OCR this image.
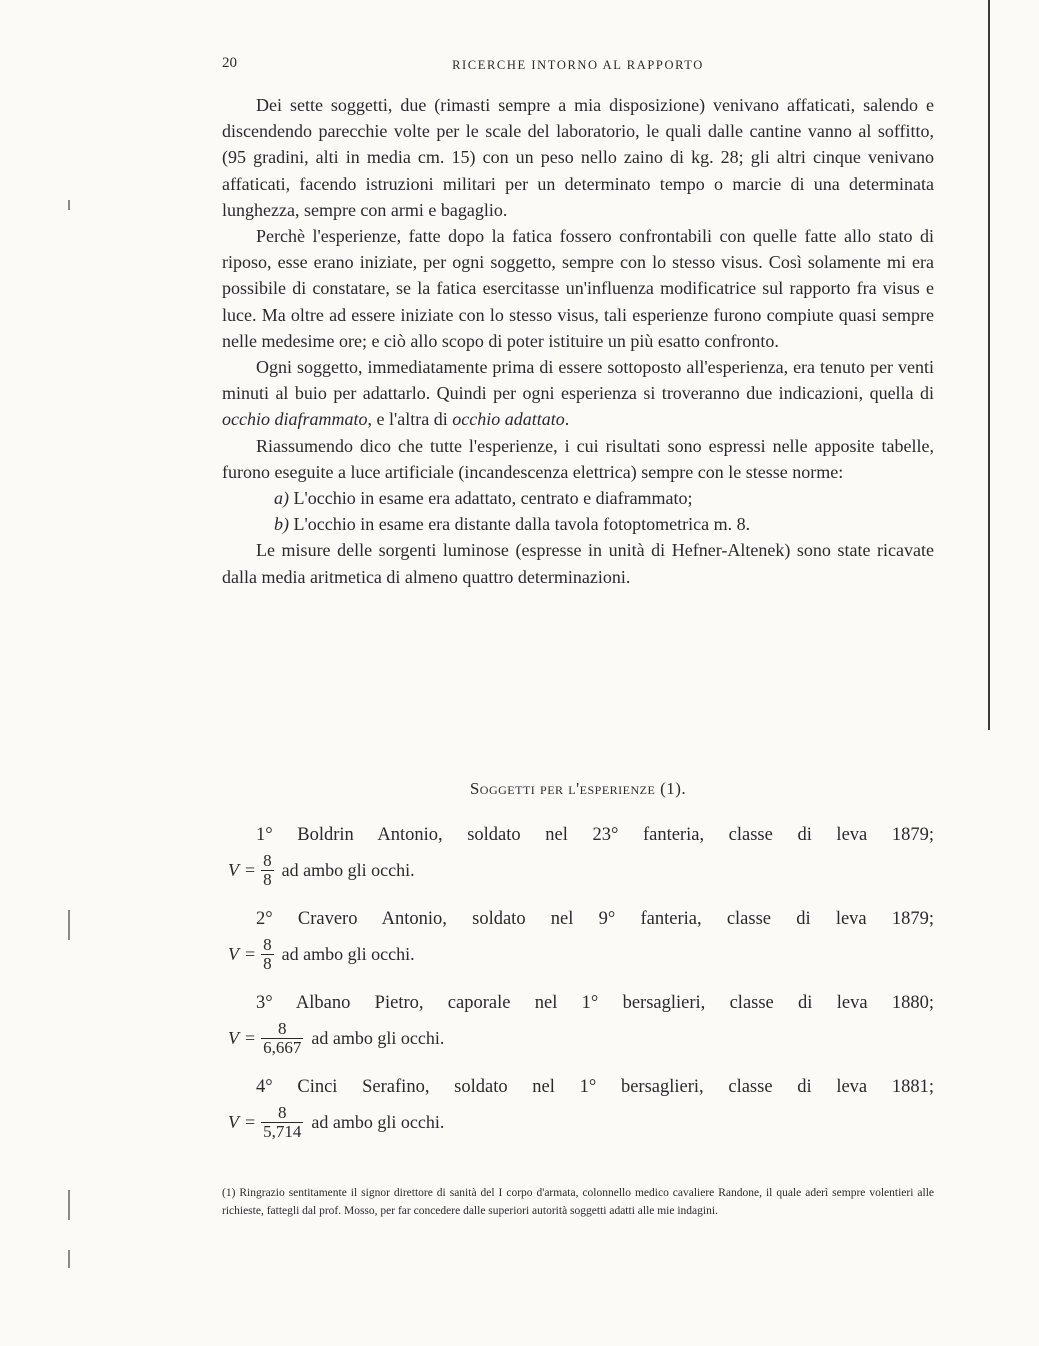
20	RICERCHE INTORNO AL RAPPORTO

Dei sette soggetti, due (rimasti sempre a mia disposizione) venivano affaticati, salendo e discendendo parecchie volte per le scale del laboratorio, le quali dalle cantine vanno al soffitto, (95 gradini, alti in media cm. 15) con un peso nello zaino di kg. 28; gli altri cinque venivano affaticati, facendo istruzioni militari per un determinato tempo o marcie di una determinata lunghezza, sempre con armi e bagaglio.

Perchè l'esperienze, fatte dopo la fatica fossero confrontabili con quelle fatte allo stato di riposo, esse erano iniziate, per ogni soggetto, sempre con lo stesso visus. Così solamente mi era possibile di constatare, se la fatica esercitasse un'influenza modificatrice sul rapporto fra visus e luce. Ma oltre ad essere iniziate con lo stesso visus, tali esperienze furono compiute quasi sempre nelle medesime ore; e ciò allo scopo di poter istituire un più esatto confronto.

Ogni soggetto, immediatamente prima di essere sottoposto all'esperienza, era tenuto per venti minuti al buio per adattarlo. Quindi per ogni esperienza si troveranno due indicazioni, quella di occhio diaframmato, e l'altra di occhio adattato.

Riassumendo dico che tutte l'esperienze, i cui risultati sono espressi nelle apposite tabelle, furono eseguite a luce artificiale (incandescenza elettrica) sempre con le stesse norme:

a) L'occhio in esame era adattato, centrato e diaframmato;

b) L'occhio in esame era distante dalla tavola fotoptometrica m. 8.

Le misure delle sorgenti luminose (espresse in unità di Hefner-Altenek) sono state ricavate dalla media aritmetica di almeno quattro determinazioni.

Soggetti per l'esperienze (1).
1° Boldrin Antonio, soldato nel 23° fanteria, classe di leva 1879;
$V = \frac{8}{8}$ ad ambo gli occhi.
2° Cravero Antonio, soldato nel 9° fanteria, classe di leva 1879;
$V = \frac{8}{8}$ ad ambo gli occhi.
3° Albano Pietro, caporale nel 1° bersaglieri, classe di leva 1880;
$V = \frac{8}{6,667}$ ad ambo gli occhi.
4° Cinci Serafino, soldato nel 1° bersaglieri, classe di leva 1881;
$V = \frac{8}{5,714}$ ad ambo gli occhi.
(1) Ringrazio sentitamente il signor direttore di sanità del I corpo d'armata, colonnello medico cavaliere Randone, il quale aderì sempre volentieri alle richieste, fattegli dal prof. Mosso, per far concedere dalle superiori autorità soggetti adatti alle mie indagini.
